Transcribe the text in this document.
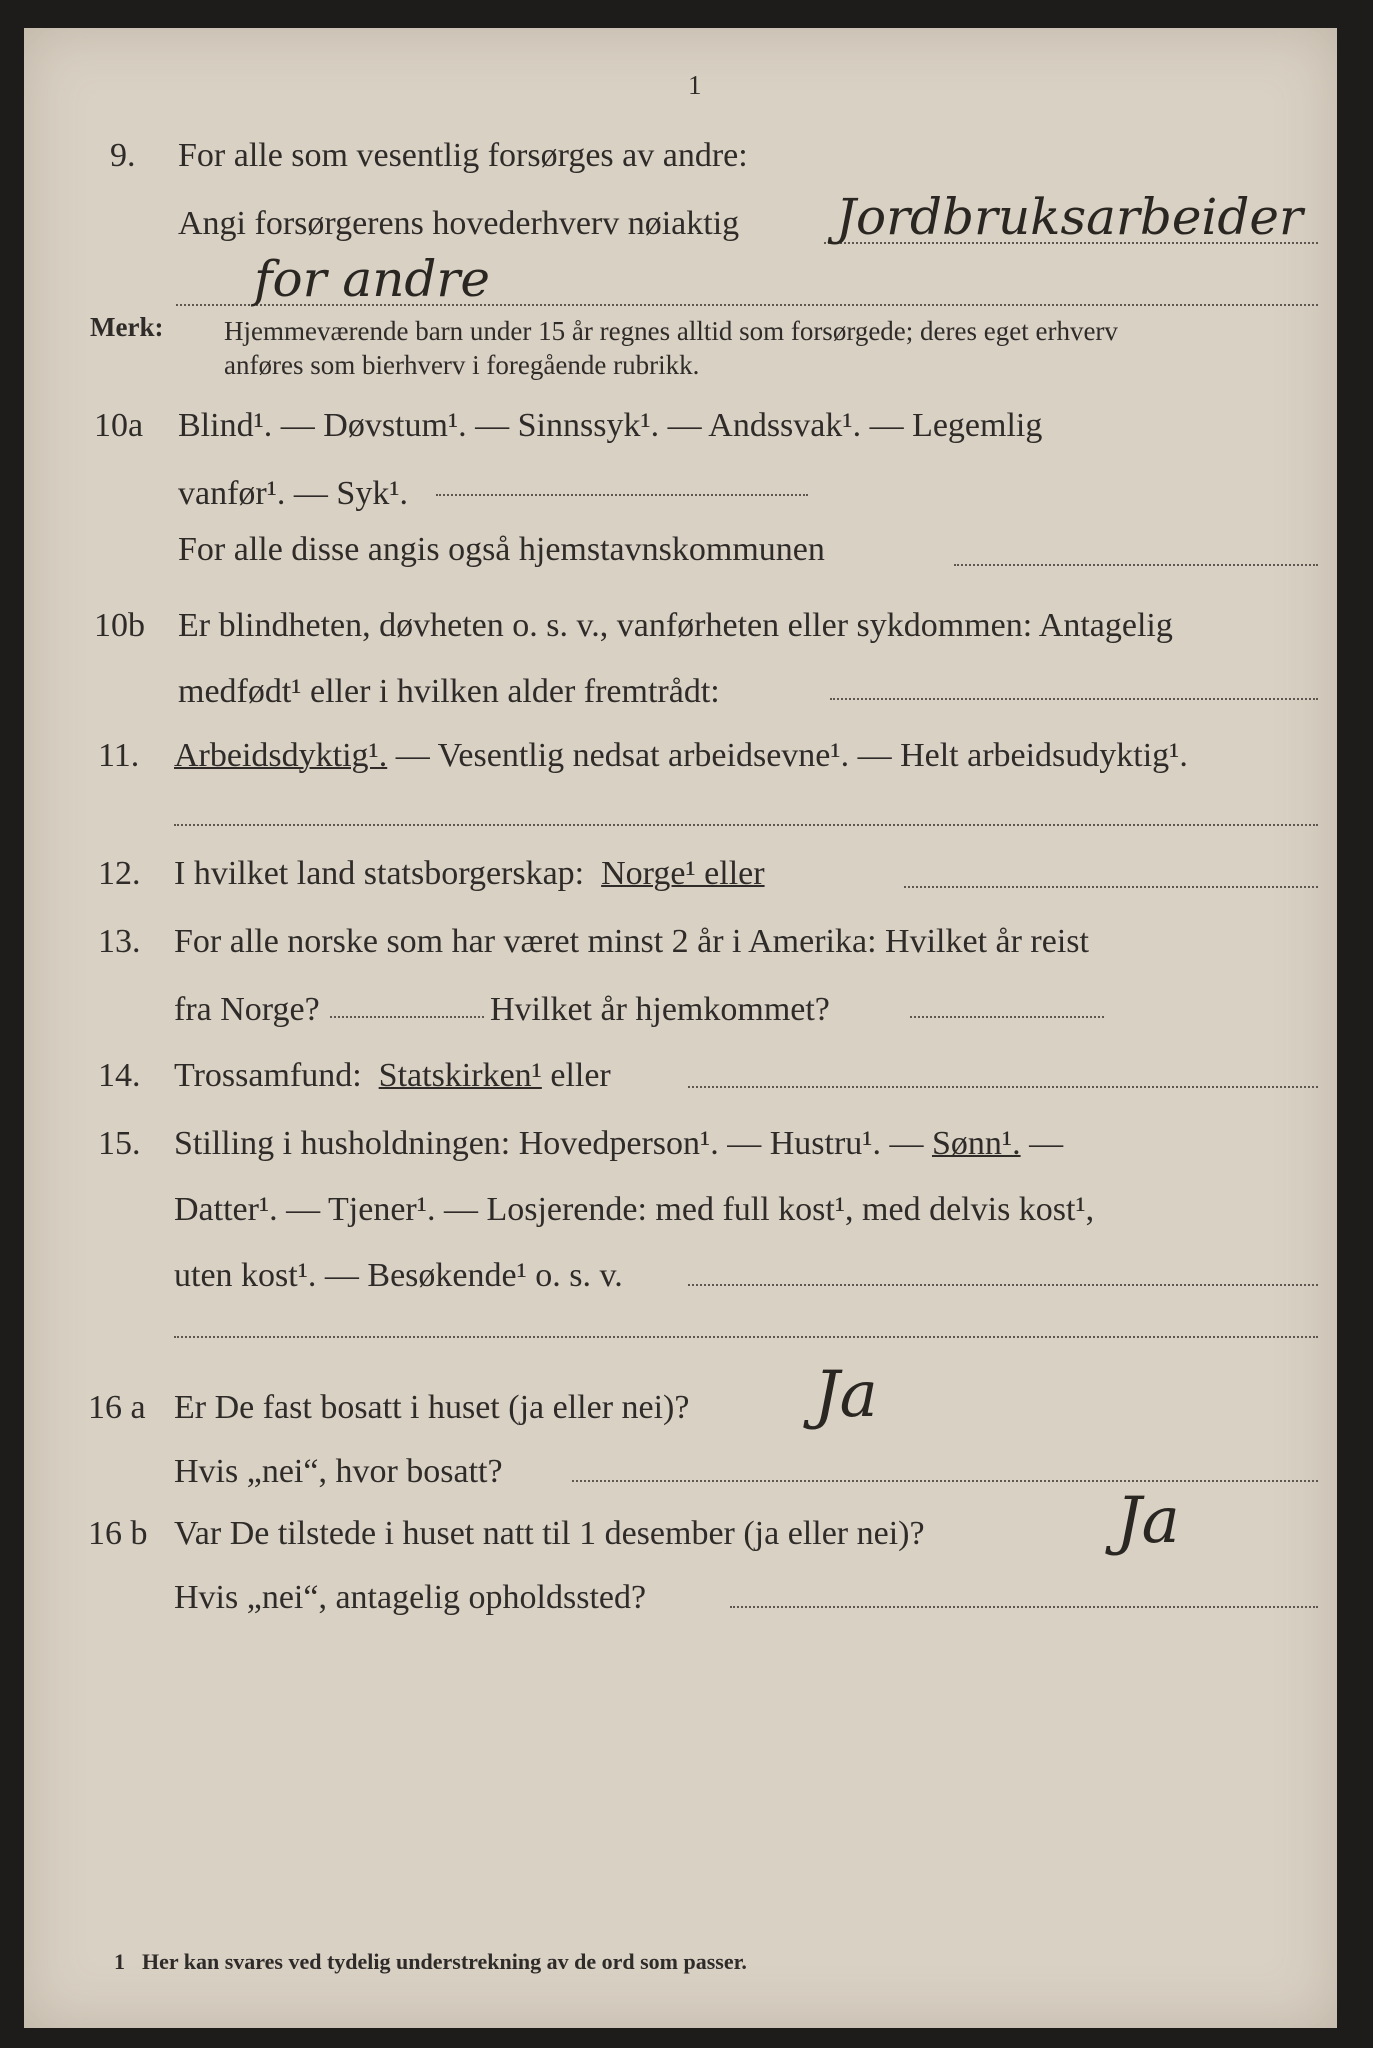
1
9. For alle som vesentlig forsørges av andre:
Angi forsørgerens hovederhverv nøiaktig Jordbruksarbeider
for andre
Merk: Hjemmeværende barn under 15 år regnes alltid som forsørgede; deres eget erhverv
anføres som bierhverv i foregående rubrikk.
10a Blind¹. — Døvstum¹. — Sinnssyk¹. — Andssvak¹. — Legemlig
vanfør¹. — Syk¹.
For alle disse angis også hjemstavnskommunen
10b Er blindheten, døvheten o. s. v., vanførheten eller sykdommen: Antagelig
medfødt¹ eller i hvilken alder fremtrådt:
11. Arbeidsdyktig¹. — Vesentlig nedsat arbeidsevne¹. — Helt arbeidsudyktig¹.
12. I hvilket land statsborgerskap: Norge¹ eller
13. For alle norske som har været minst 2 år i Amerika: Hvilket år reist
fra Norge?	Hvilket år hjemkommet?
14. Trossamfund: Statskirken¹ eller
15. Stilling i husholdningen: Hovedperson¹. — Hustru¹. — Sønn¹. —
Datter¹. — Tjener¹. — Losjerende: med full kost¹, med delvis kost¹,
uten kost¹. — Besøkende¹ o. s. v.
16 a Er De fast bosatt i huset (ja eller nei)? Ja
Hvis „nei“, hvor bosatt?
16 b Var De tilstede i huset natt til 1 desember (ja eller nei)?	Ja
Hvis „nei“, antagelig opholdssted?
1 Her kan svares ved tydelig understrekning av de ord som passer.
